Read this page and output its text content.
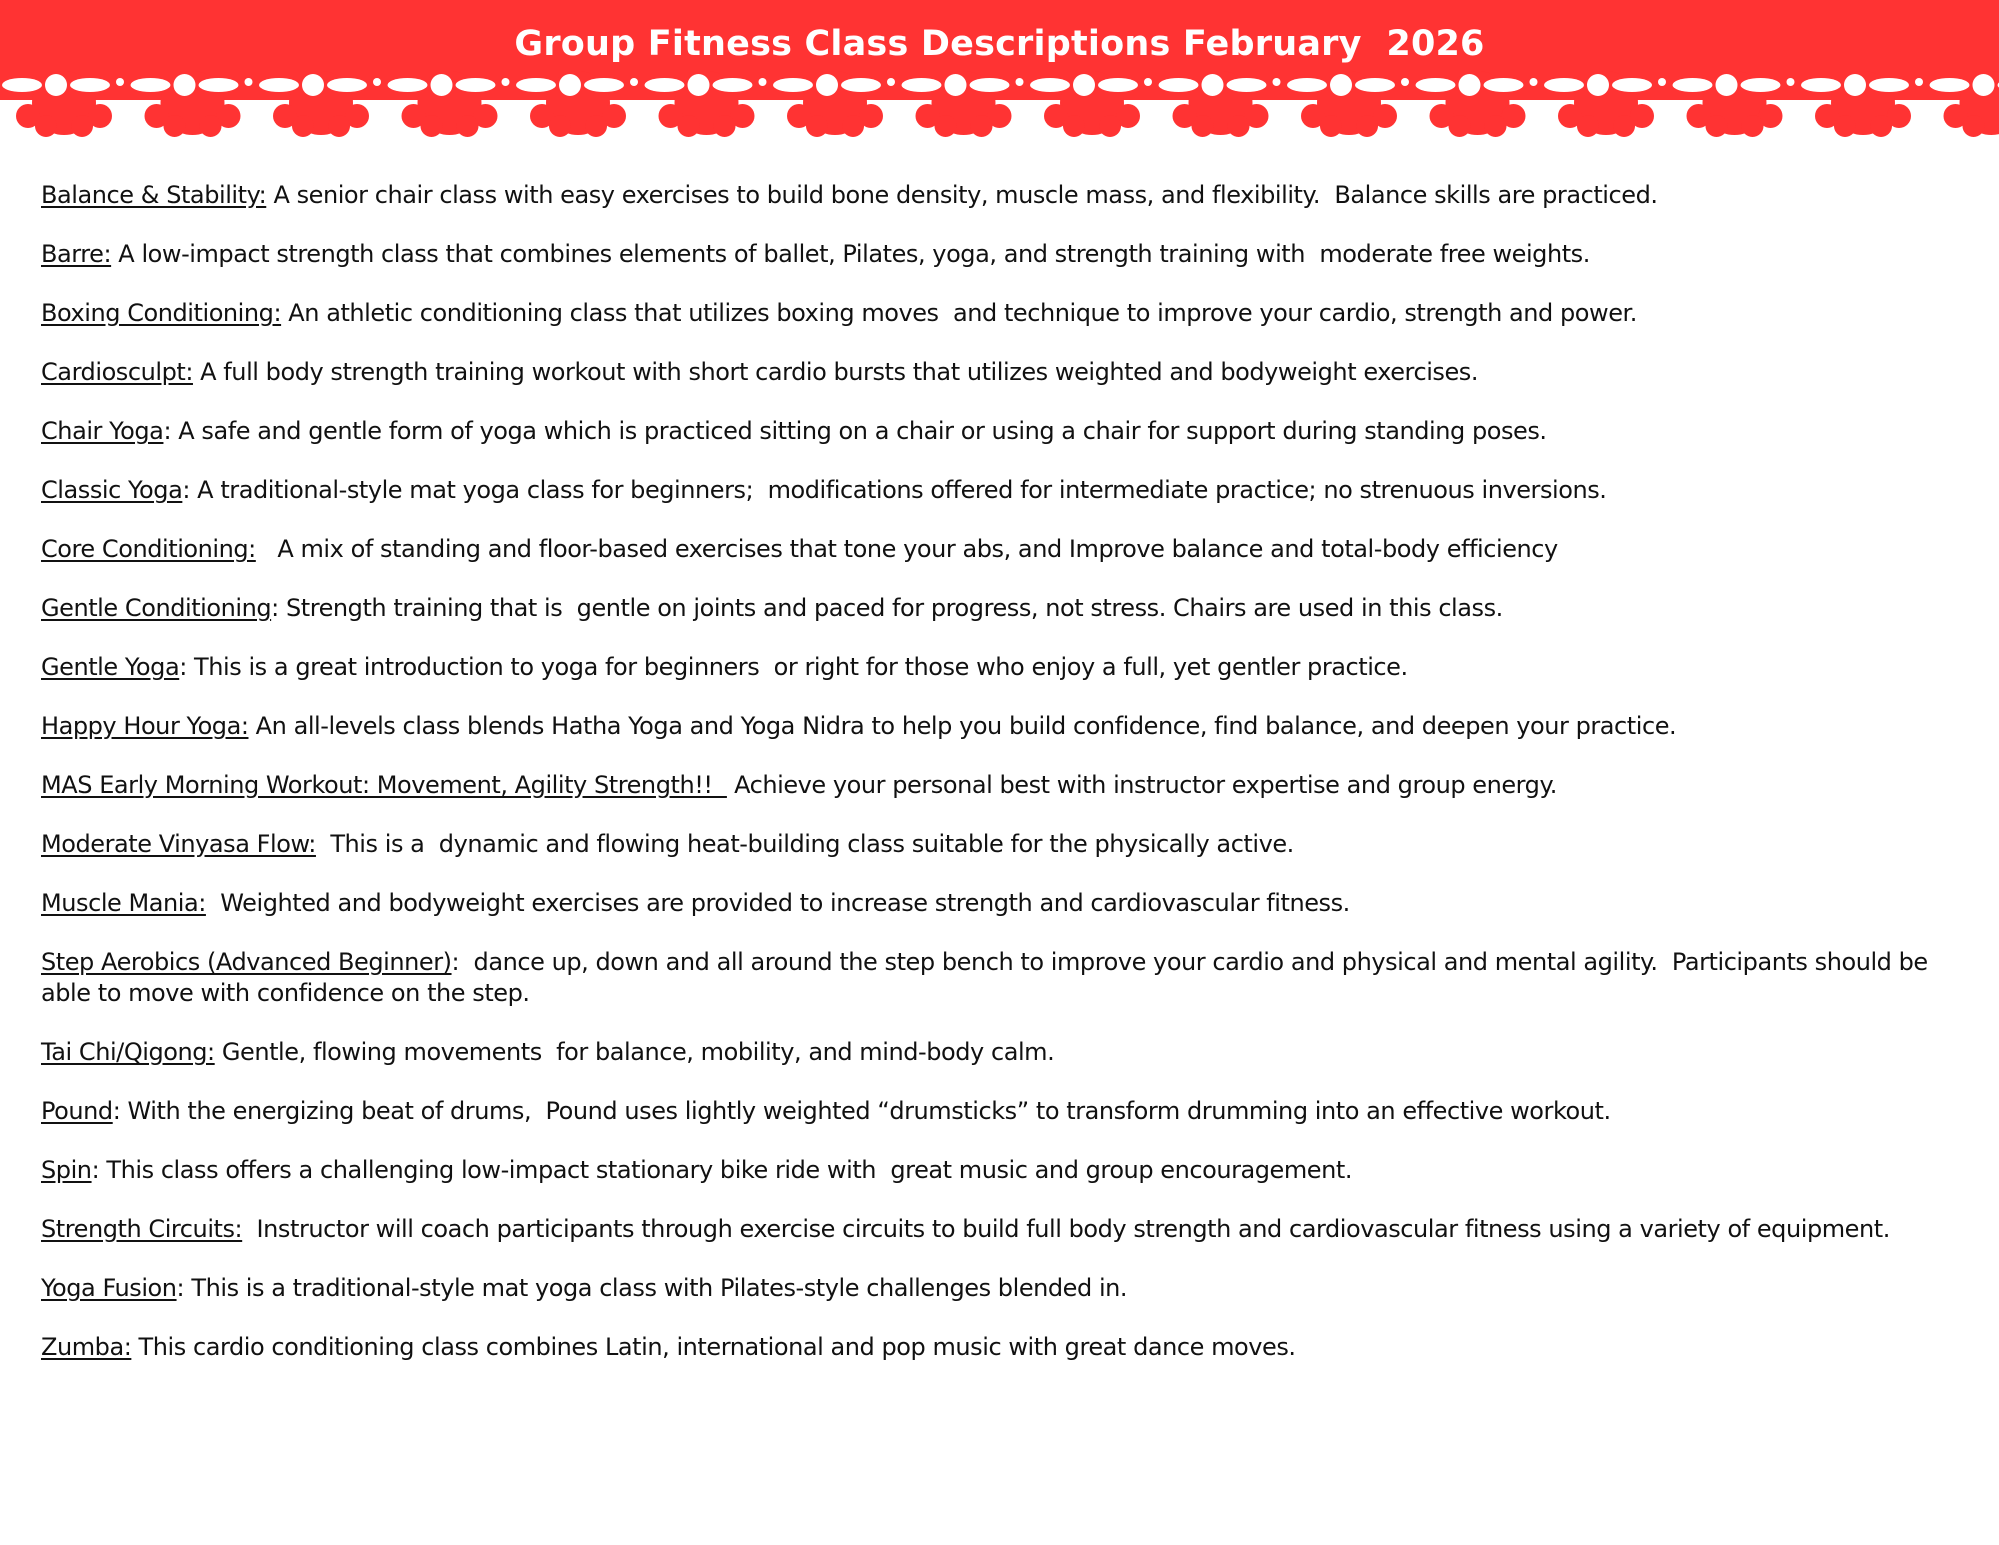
Group Fitness Class Descriptions February  2026
Balance & Stability: A senior chair class with easy exercises to build bone density, muscle mass, and flexibility.  Balance skills are practiced.
Barre: A low-impact strength class that combines elements of ballet, Pilates, yoga, and strength training with  moderate free weights.
Boxing Conditioning: An athletic conditioning class that utilizes boxing moves  and technique to improve your cardio, strength and power.
Cardiosculpt: A full body strength training workout with short cardio bursts that utilizes weighted and bodyweight exercises.
Chair Yoga: A safe and gentle form of yoga which is practiced sitting on a chair or using a chair for support during standing poses.
Classic Yoga: A traditional-style mat yoga class for beginners;  modifications offered for intermediate practice; no strenuous inversions.
Core Conditioning: A mix of standing and floor-based exercises that tone your abs, and Improve balance and total-body efficiency
Gentle Conditioning: Strength training that is  gentle on joints and paced for progress, not stress. Chairs are used in this class.
Gentle Yoga: This is a great introduction to yoga for beginners  or right for those who enjoy a full, yet gentler practice.
Happy Hour Yoga: An all-levels class blends Hatha Yoga and Yoga Nidra to help you build confidence, find balance, and deepen your practice.
MAS Early Morning Workout: Movement, Agility Strength!!   Achieve your personal best with instructor expertise and group energy.
Moderate Vinyasa Flow: This is a  dynamic and flowing heat-building class suitable for the physically active.
Muscle Mania: Weighted and bodyweight exercises are provided to increase strength and cardiovascular fitness.
Step Aerobics (Advanced Beginner):  dance up, down and all around the step bench to improve your cardio and physical and mental agility.  Participants should be able to move with confidence on the step.
Tai Chi/Qigong: Gentle, flowing movements  for balance, mobility, and mind-body calm.
Pound: With the energizing beat of drums,  Pound uses lightly weighted “drumsticks” to transform drumming into an effective workout.
Spin: This class offers a challenging low-impact stationary bike ride with  great music and group encouragement.
Strength Circuits: Instructor will coach participants through exercise circuits to build full body strength and cardiovascular fitness using a variety of equipment.
Yoga Fusion: This is a traditional-style mat yoga class with Pilates-style challenges blended in.
Zumba: This cardio conditioning class combines Latin, international and pop music with great dance moves.
